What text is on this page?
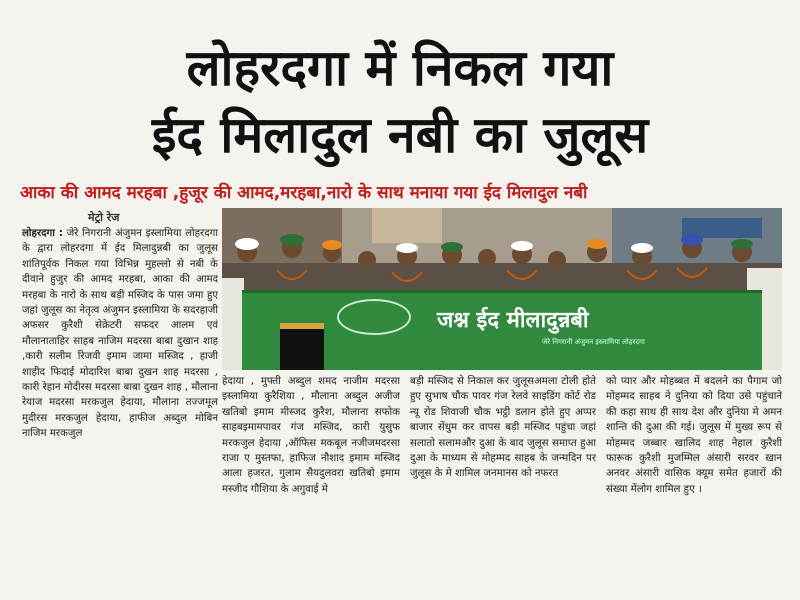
लोहरदगा में निकल गया
ईद मिलादुल नबी का जुलूस
आका की आमद मरहबा ,हुजूर की आमद,मरहबा,नारो के साथ मनाया गया ईद मिलादुल नबी
मेट्रो रेज
लोहरदगा : जेरे निगरानी अंजुमन इस्लामिया लोहरदगा के द्वारा लोहरदगा में ईद मिलादुन्नबी का जुलूस शांतिपूर्वक निकल गया विभिन्न मुहल्लो से नबी के दीवाने हुजुर की आमद मरहबा, आका की आमद मरहबा के नारो के साथ बड़ी मस्जिद के पास जमा हुए जहां जुलूस का नेतृत्व अंजुमन इस्लामिया के सदरहाजी अफसर कुरैशी सेक्रेटरी सफदर आलम एवं मौलानाताहिर साहब नाजिम मदरसा बाबा दुखान शाह ,कारी सलीम रिजवी इमाम जामा मस्जिद , हाजी शाहीद फिदाई मोदारिश बाबा दुखन शाह मदरसा , कारी रेहान मोदीरस मदरसा बाबा दुखन शाह , मौलाना रेयाज मदरसा मरकजुल हेदाया, मौलाना तज्जमूल मुदीरस मरकजुल हेदाया, हाफीज अब्दुल मोबिन नाजिम मरकजुल
जश्न ईद मीलादुन्नबी
जेरे निगरानी अंजुमन इस्लामिया लोहरदगा
हेदाया , मुफ्ती अब्दुल शमद नाजीम मदरसा इस्लामिया कुरैशिया , मौलाना अब्दुल अजीज खतिबो इमाम मीस्जद कुरैश, मौलाना सफोक साहबइमामपावर गंज मस्जिद, कारी युसुफ मरकजुल हेदाया ,ऑफिस मकबूल नजीजमदरसा राजा ए मुस्तफा, हाफिज नौशाद इमाम मस्जिद आला हजरत, गुलाम सैयदुलवरा खतिबो इमाम मस्जीद गौशिया के अगुवाई मे
बड़ी मस्जिद से निकाल कर जुलूसअमला टोली होते हुए सुभाष चौक पावर गंज रेलवे साइडिंग कोर्ट रोड न्यू रोड शिवाजी चौक भट्ठी डलान होते हुए अप्पर बाजार सेंधुम कर वापस बड़ी मस्जिद पहुंचा जहां सलातो सलामऔर दुआ के बाद जुलूस समाप्त हुआ दुआ के माध्यम से मोहम्मद साहब के जन्मदिन पर जुलूस के मे शामिल जनमानस को नफरत
को प्यार और मोहब्बत में बदलने का पैगाम जो मोहम्मद साहब ने दुनिया को दिया उसे पहुंचाने की कहा साथ ही साथ देश और दुनिया मे अमन शान्ति की दुआ की गई। जुलूस में मुख्य रूप से मोहम्मद जब्बार खालिद शाह नेहाल कुरैशी फारूक कुरैशी मुजम्मिल अंसारी सरवर खान अनवर अंसारी वासिक क्यूम समेत हजारों की संख्या मेंलोग शामिल हुए ।
